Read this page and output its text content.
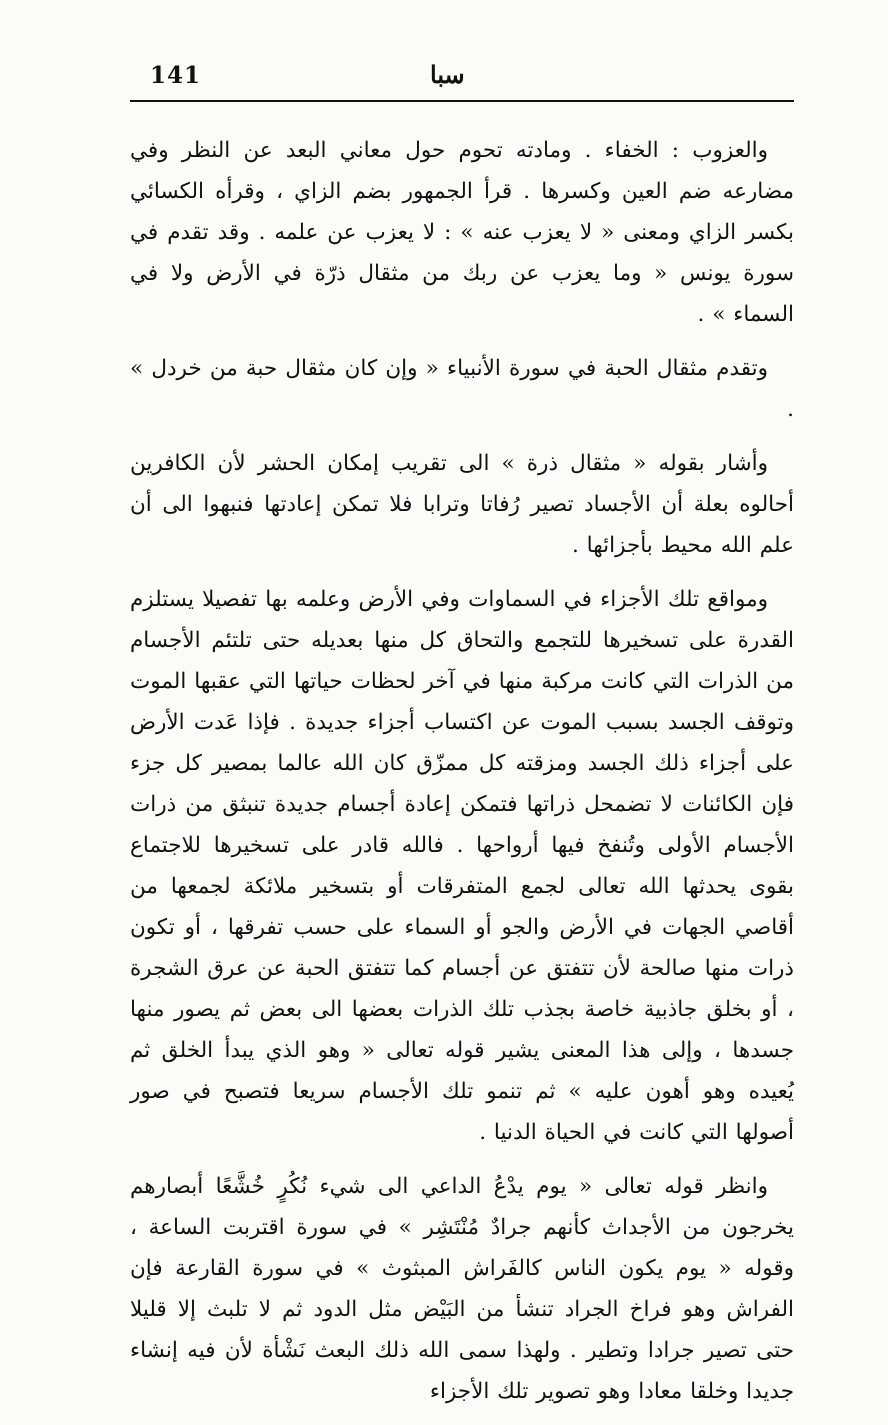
141	سبا

والعزوب : الخفاء . ومادته تحوم حول معاني البعد عن النظر وفي مضارعه ضم العين وكسرها . قرأ الجمهور بضم الزاي ، وقرأه الكسائي بكسر الزاي ومعنى « لا يعزب عنه » : لا يعزب عن علمه . وقد تقدم في سورة يونس « وما يعزب عن ربك من مثقال ذرّة في الأرض ولا في السماء » .

وتقدم مثقال الحبة في سورة الأنبياء « وإن كان مثقال حبة من خردل » .

وأشار بقوله « مثقال ذرة » الى تقريب إمكان الحشر لأن الكافرين أحالوه بعلة أن الأجساد تصير رُفاتا وترابا فلا تمكن إعادتها فنبهوا الى أن علم الله محيط بأجزائها .

ومواقع تلك الأجزاء في السماوات وفي الأرض وعلمه بها تفصيلا يستلزم القدرة على تسخيرها للتجمع والتحاق كل منها بعديله حتى تلتئم الأجسام من الذرات التي كانت مركبة منها في آخر لحظات حياتها التي عقبها الموت وتوقف الجسد بسبب الموت عن اكتساب أجزاء جديدة . فإذا عَدت الأرض على أجزاء ذلك الجسد ومزقته كل ممزّق كان الله عالما بمصير كل جزء فإن الكائنات لا تضمحل ذراتها فتمكن إعادة أجسام جديدة تنبثق من ذرات الأجسام الأولى وتُنفخ فيها أرواحها . فالله قادر على تسخيرها للاجتماع بقوى يحدثها الله تعالى لجمع المتفرقات أو بتسخير ملائكة لجمعها من أقاصي الجهات في الأرض والجو أو السماء على حسب تفرقها ، أو تكون ذرات منها صالحة لأن تتفتق عن أجسام كما تتفتق الحبة عن عرق الشجرة ، أو بخلق جاذبية خاصة بجذب تلك الذرات بعضها الى بعض ثم يصور منها جسدها ، وإلى هذا المعنى يشير قوله تعالى « وهو الذي يبدأ الخلق ثم يُعيده وهو أهون عليه » ثم تنمو تلك الأجسام سريعا فتصبح في صور أصولها التي كانت في الحياة الدنيا .

وانظر قوله تعالى « يوم يدْعُ الداعي الى شيء نُكُرٍ خُشَّعًا أبصارهم يخرجون من الأجداث كأنهم جرادٌ مُنْتَشِر » في سورة اقتربت الساعة ، وقوله « يوم يكون الناس كالفَراش المبثوث » في سورة القارعة فإن الفراش وهو فراخ الجراد تنشأ من البَيْض مثل الدود ثم لا تلبث إلا قليلا حتى تصير جرادا وتطير . ولهذا سمى الله ذلك البعث نَشْأة لأن فيه إنشاء جديدا وخلقا معادا وهو تصوير تلك الأجزاء
